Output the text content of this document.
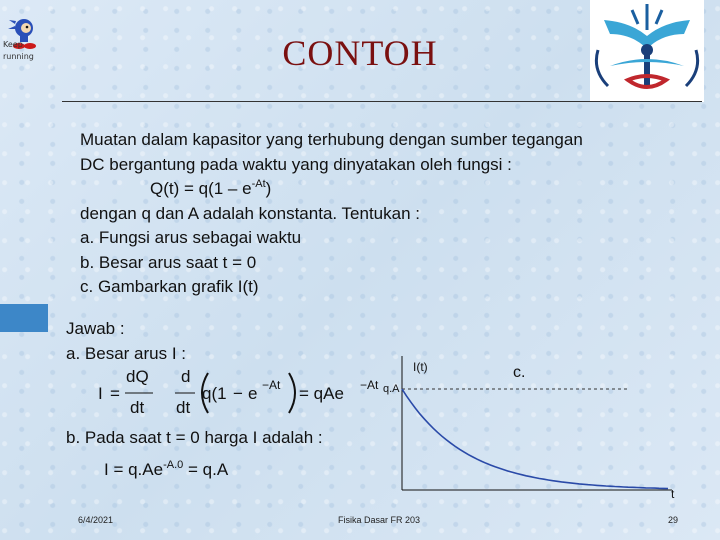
Keep
running	CONTOH
Muatan dalam kapasitor yang terhubung dengan sumber tegangan
DC bergantung pada waktu yang dinyatakan oleh fungsi :
$Q(t) = q(1 - e^{-At})$
dengan q dan A adalah konstanta. Tentukan :
a. Fungsi arus sebagai waktu
b. Besar arus saat t = 0
c. Gambarkan grafik I(t)
Jawab :
a. Besar arus I :
I =
dQ
dt
d
dt
q(1 − e −At = qAe −At
b. Pada saat t = 0 harga I adalah :
$I = q.Ae^{-A.0} = q.A$
I(t)
q.A
c.
t
6/4/2021	Fisika Dasar FR 203	29
